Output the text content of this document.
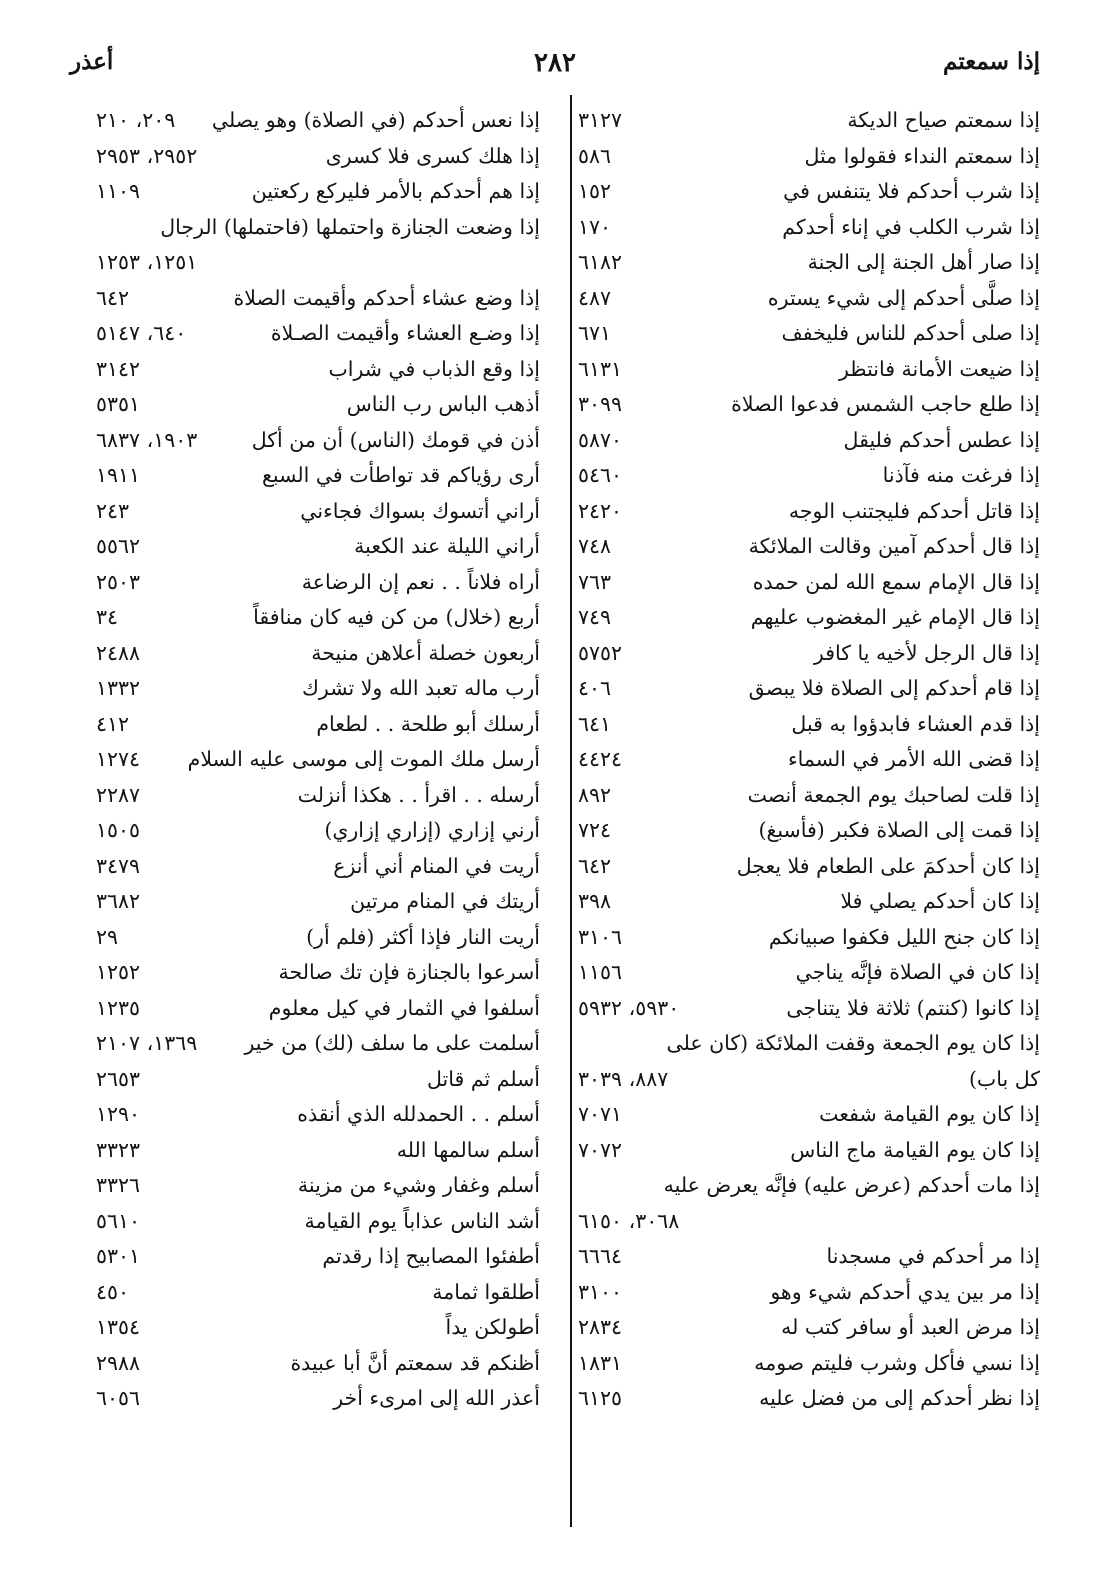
إذا سمعتم
٢٨٢
أعذر
إذا سمعتم صياح الديكة
٣١٢٧
إذا سمعتم النداء فقولوا مثل
٥٨٦
إذا شرب أحدكم فلا يتنفس في
١٥٢
إذا شرب الكلب في إناء أحدكم
١٧٠
إذا صار أهل الجنة إلى الجنة
٦١٨٢
إذا صلَّى أحدكم إلى شيء يستره
٤٨٧
إذا صلى أحدكم للناس فليخفف
٦٧١
إذا ضيعت الأمانة فانتظر
٦١٣١
إذا طلع حاجب الشمس فدعوا الصلاة
٣٠٩٩
إذا عطس أحدكم فليقل
٥٨٧٠
إذا فرغت منه فآذنا
٥٤٦٠
إذا قاتل أحدكم فليجتنب الوجه
٢٤٢٠
إذا قال أحدكم آمين وقالت الملائكة
٧٤٨
إذا قال الإمام سمع الله لمن حمده
٧٦٣
إذا قال الإمام غير المغضوب عليهم
٧٤٩
إذا قال الرجل لأخيه يا كافر
٥٧٥٢
إذا قام أحدكم إلى الصلاة فلا يبصق
٤٠٦
إذا قدم العشاء فابدؤوا به قبل
٦٤١
إذا قضى الله الأمر في السماء
٤٤٢٤
إذا قلت لصاحبك يوم الجمعة أنصت
٨٩٢
إذا قمت إلى الصلاة فكبر (فأسبغ)
٧٢٤
إذا كان أحدكمَ على الطعام فلا يعجل
٦٤٢
إذا كان أحدكم يصلي فلا
٣٩٨
إذا كان جنح الليل فكفوا صبيانكم
٣١٠٦
إذا كان في الصلاة فإنَّه يناجي
١١٥٦
إذا كانوا (كنتم) ثلاثة فلا يتناجى
٥٩٣٠، ٥٩٣٢
إذا كان يوم الجمعة وقفت الملائكة (كان على
كل باب)
٨٨٧، ٣٠٣٩
إذا كان يوم القيامة شفعت
٧٠٧١
إذا كان يوم القيامة ماج الناس
٧٠٧٢
إذا مات أحدكم (عرض عليه) فإنَّه يعرض عليه
٣٠٦٨، ٦١٥٠
إذا مر أحدكم في مسجدنا
٦٦٦٤
إذا مر بين يدي أحدكم شيء وهو
٣١٠٠
إذا مرض العبد أو سافر كتب له
٢٨٣٤
إذا نسي فأكل وشرب فليتم صومه
١٨٣١
إذا نظر أحدكم إلى من فضل عليه
٦١٢٥
إذا نعس أحدكم (في الصلاة) وهو يصلي
٢٠٩، ٢١٠
إذا هلك كسرى فلا كسرى
٢٩٥٢، ٢٩٥٣
إذا هم أحدكم بالأمر فليركع ركعتين
١١٠٩
إذا وضعت الجنازة واحتملها (فاحتملها) الرجال
١٢٥١، ١٢٥٣
إذا وضع عشاء أحدكم وأقيمت الصلاة
٦٤٢
إذا وضـع العشاء وأقيمت الصـلاة
٦٤٠، ٥١٤٧
إذا وقع الذباب في شراب
٣١٤٢
أذهب الباس رب الناس
٥٣٥١
أذن في قومك (الناس) أن من أكل
١٩٠٣، ٦٨٣٧
أرى رؤياكم قد تواطأت في السبع
١٩١١
أراني أتسوك بسواك فجاءني
٢٤٣
أراني الليلة عند الكعبة
٥٥٦٢
أراه فلاناً . . نعم إن الرضاعة
٢٥٠٣
أربع (خلال) من كن فيه كان منافقاً
٣٤
أربعون خصلة أعلاهن منيحة
٢٤٨٨
أرب ماله تعبد الله ولا تشرك
١٣٣٢
أرسلك أبو طلحة . . لطعام
٤١٢
أرسل ملك الموت إلى موسى عليه السلام
١٢٧٤
أرسله . . اقرأ . . هكذا أنزلت
٢٢٨٧
أرني إزاري (إزاري إزاري)
١٥٠٥
أريت في المنام أني أنزع
٣٤٧٩
أريتك في المنام مرتين
٣٦٨٢
أريت النار فإذا أكثر (فلم أر)
٢٩
أسرعوا بالجنازة فإن تك صالحة
١٢٥٢
أسلفوا في الثمار في كيل معلوم
١٢٣٥
أسلمت على ما سلف (لك) من خير
١٣٦٩، ٢١٠٧
أسلم ثم قاتل
٢٦٥٣
أسلم . . الحمدلله الذي أنقذه
١٢٩٠
أسلم سالمها الله
٣٣٢٣
أسلم وغفار وشيء من مزينة
٣٣٢٦
أشد الناس عذاباً يوم القيامة
٥٦١٠
أطفئوا المصابيح إذا رقدتم
٥٣٠١
أطلقوا ثمامة
٤٥٠
أطولكن يداً
١٣٥٤
أظنكم قد سمعتم أنَّ أبا عبيدة
٢٩٨٨
أعذر الله إلى امرىء أخر
٦٠٥٦
